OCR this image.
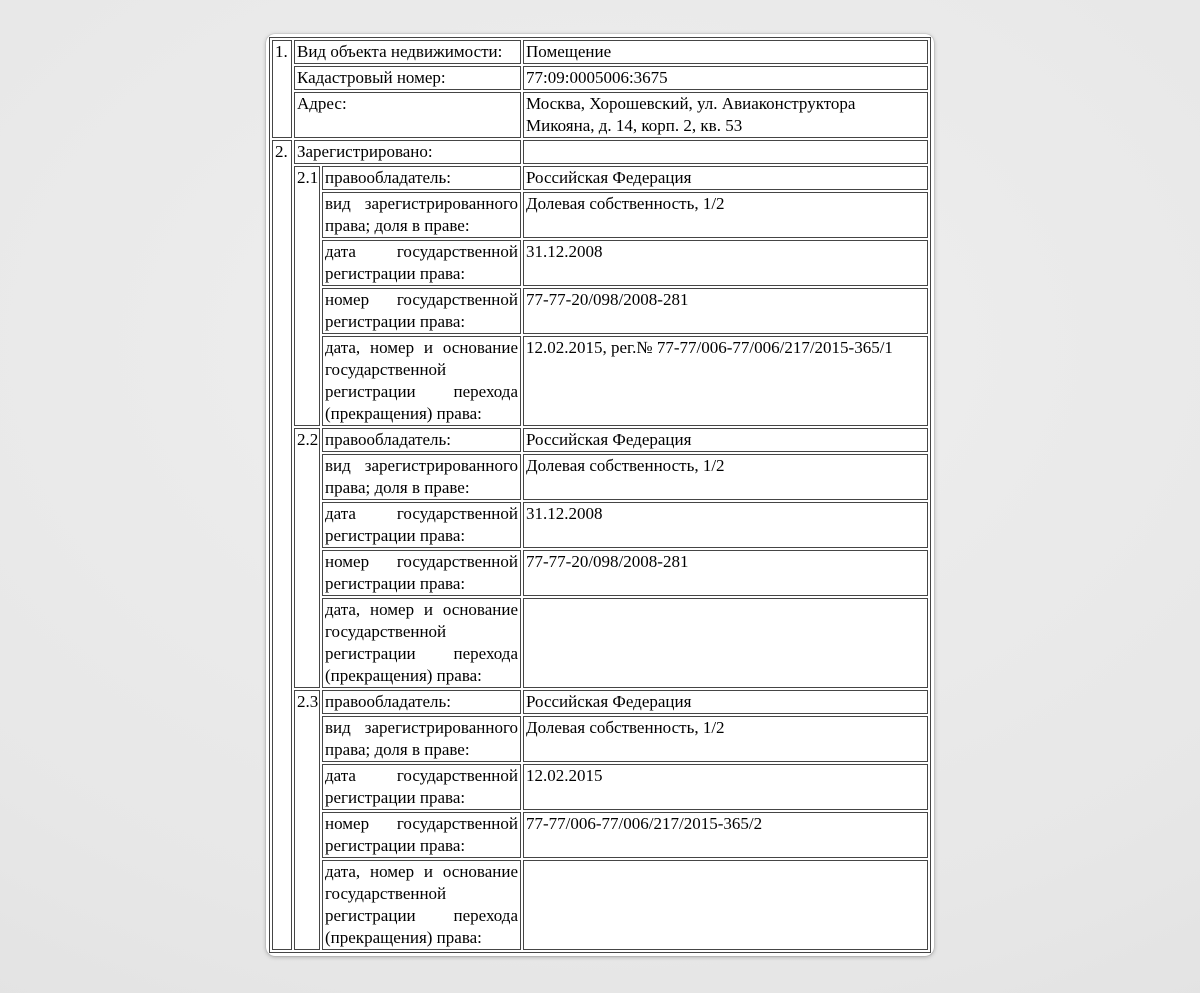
1.	Вид объекта недвижимости:		Помещение
	Кадастровый номер:		77:09:0005006:3675
	Адрес:		Москва, Хорошевский, ул. Авиаконструктора Микояна, д. 14, корп. 2, кв. 53
2.	Зарегистрировано:		
	2.1	правообладатель:	Российская Федерация
		вид зарегистрированного права; доля в праве:	Долевая собственность, 1/2
		дата государственной регистрации права:	31.12.2008
		номер государственной регистрации права:	77-77-20/098/2008-281
		дата, номер и основание государственной регистрации перехода (прекращения) права:	12.02.2015, рег.№ 77-77/006-77/006/217/2015-365/1
	2.2	правообладатель:	Российская Федерация
		вид зарегистрированного права; доля в праве:	Долевая собственность, 1/2
		дата государственной регистрации права:	31.12.2008
		номер государственной регистрации права:	77-77-20/098/2008-281
		дата, номер и основание государственной регистрации перехода (прекращения) права:	
	2.3	правообладатель:	Российская Федерация
		вид зарегистрированного права; доля в праве:	Долевая собственность, 1/2
		дата государственной регистрации права:	12.02.2015
		номер государственной регистрации права:	77-77/006-77/006/217/2015-365/2
		дата, номер и основание государственной регистрации перехода (прекращения) права:	
